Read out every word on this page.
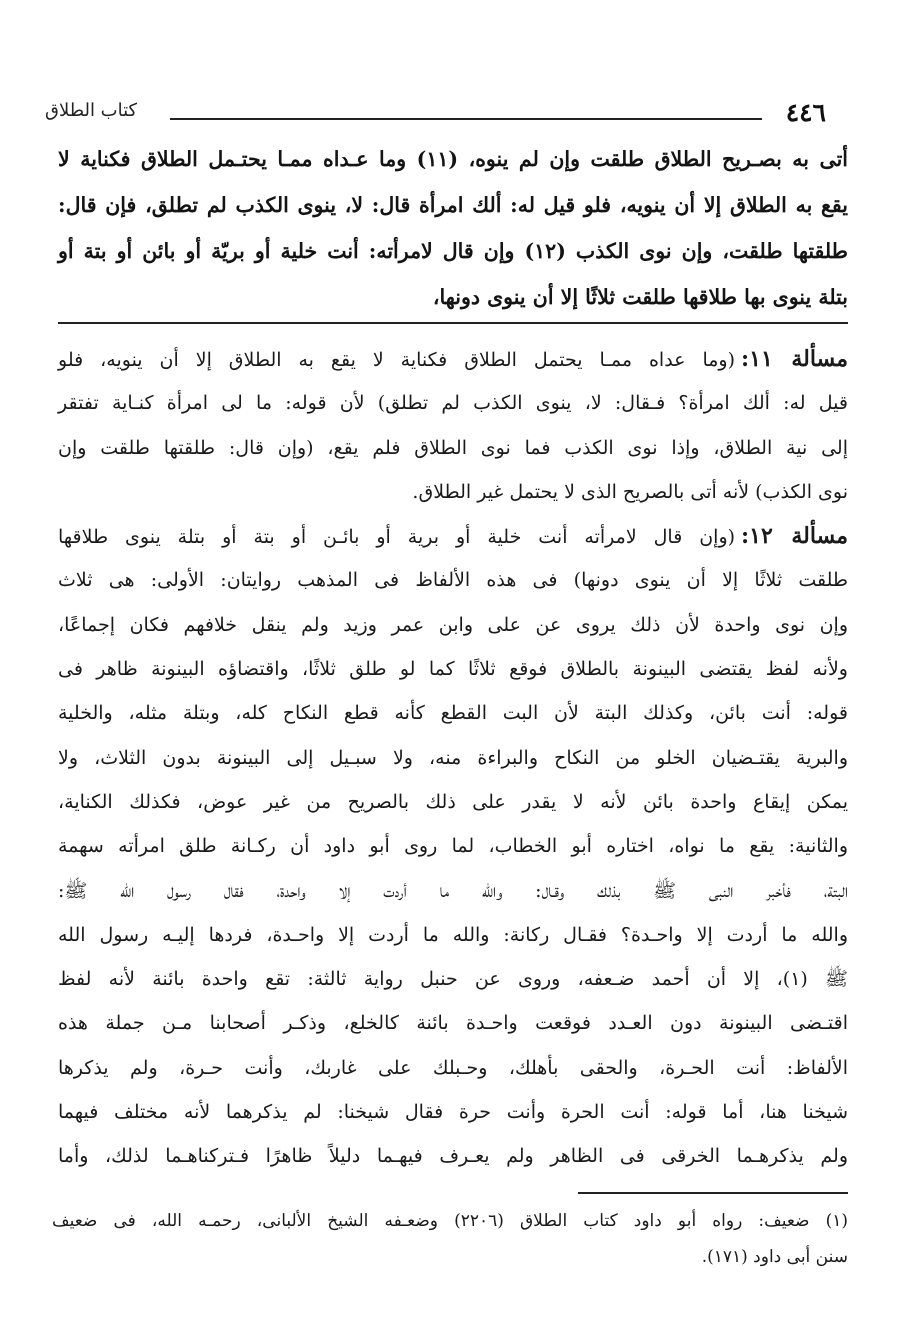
٤٤٦
كتاب الطلاق
أتى به بصـريح الطلاق طلقت وإن لم ينوه، (١١) وما عـداه ممـا يحتـمل الطلاق فكناية لا
يقع به الطلاق إلا أن ينويه، فلو قيل له: ألك امرأة قال: لا، ينوى الكذب لم تطلق، فإن قال:
طلقتها طلقت، وإن نوى الكذب (١٢) وإن قال لامرأته: أنت خلية أو بريّة أو بائن أو بتة أو
بتلة ينوى بها طلاقها طلقت ثلاثًا إلا أن ينوى دونها،
مسألة ١١:(وما عداه ممـا يحتمل الطلاق فكناية لا يقع به الطلاق إلا أن ينويه، فلو
قيل له: ألك امرأة؟ فـقال: لا، ينوى الكذب لم تطلق) لأن قوله: ما لى امرأة كنـاية تفتقر
إلى نية الطلاق، وإذا نوى الكذب فما نوى الطلاق فلم يقع، (وإن قال: طلقتها طلقت وإن
نوى الكذب) لأنه أتى بالصريح الذى لا يحتمل غير الطلاق.
مسألة ١٢:(وإن قال لامرأته أنت خلية أو برية أو بائـن أو بتة أو بتلة ينوى طلاقها
طلقت ثلاثًا إلا أن ينوى دونها) فى هذه الألفاظ فى المذهب روايتان: الأولى: هى ثلاث
وإن نوى واحدة لأن ذلك يروى عن على وابن عمر وزيد ولم ينقل خلافهم فكان إجماعًا،
ولأنه لفظ يقتضى البينونة بالطلاق فوقع ثلاثًا كما لو طلق ثلاثًا، واقتضاؤه البينونة ظاهر فى
قوله: أنت بائن، وكذلك البتة لأن البت القطع كأنه قطع النكاح كله، وبتلة مثله، والخلية
والبرية يقتـضيان الخلو من النكاح والبراءة منه، ولا سبـيل إلى البينونة بدون الثلاث، ولا
يمكن إيقاع واحدة بائن لأنه لا يقدر على ذلك بالصريح من غير عوض، فكذلك الكناية،
والثانية: يقع ما نواه، اختاره أبو الخطاب، لما روى أبو داود أن ركـانة طلق امرأته سهمة
البتة، فأخبر النبى ﷺ بذلك وقـال: والله ما أردت إلا واحدة، فقال رسول الله ﷺ:
والله ما أردت إلا واحـدة؟ فقـال ركانة: والله ما أردت إلا واحـدة، فردها إليـه رسول الله
ﷺ (١)، إلا أن أحمد ضـعفه، وروى عن حنبل رواية ثالثة: تقع واحدة بائنة لأنه لفظ
اقتـضى البينونة دون العـدد فوقعت واحـدة بائنة كالخلع، وذكـر أصحابنا مـن جملة هذه
الألفاظ: أنت الحـرة، والحقى بأهلك، وحـبلك على غاربك، وأنت حـرة، ولم يذكرها
شيخنا هنا، أما قوله: أنت الحرة وأنت حرة فقال شيخنا: لم يذكرهما لأنه مختلف فيهما
ولم يذكرهـما الخرقى فى الظاهر ولم يعـرف فيهـما دليلاً ظاهرًا فـتركناهـما لذلك، وأما
(١) ضعيف: رواه أبو داود كتاب الطلاق (٢٢٠٦) وضعـفه الشيخ الألبانى، رحمـه الله، فى ضعيف
سنن أبى داود (١٧١).
